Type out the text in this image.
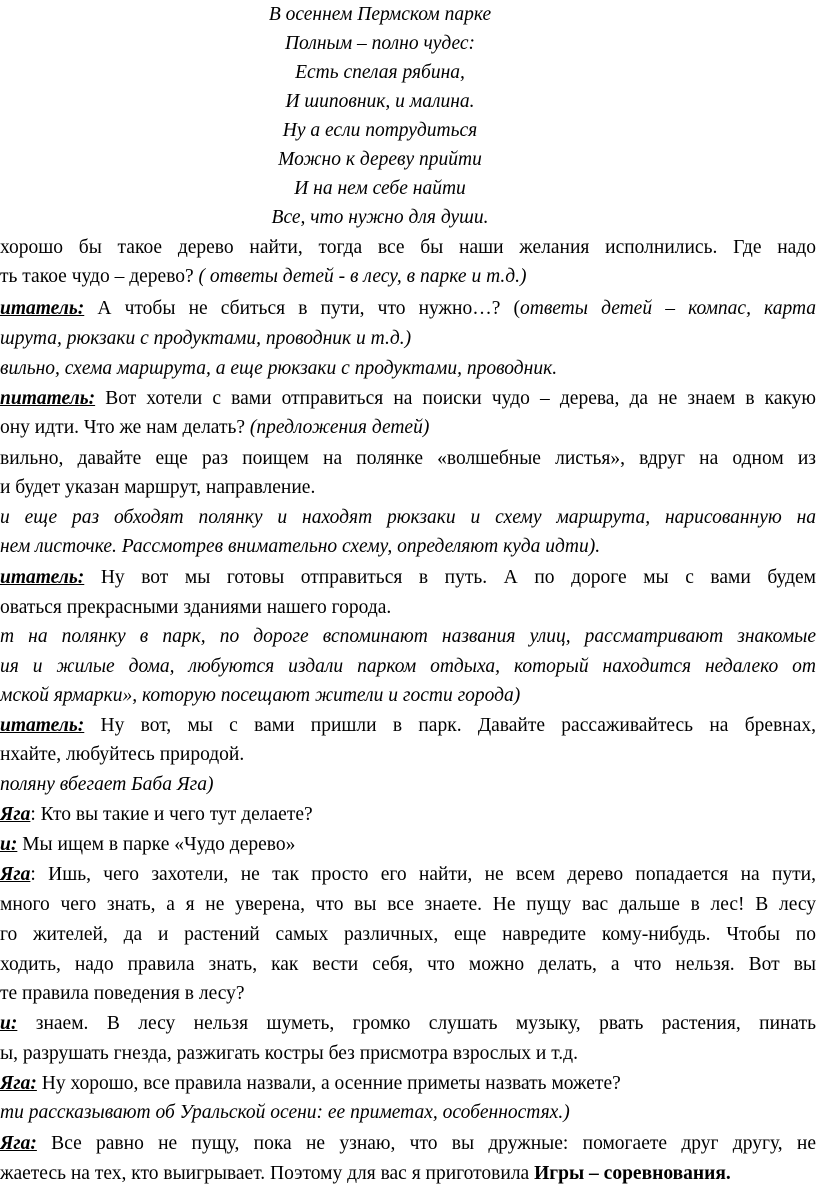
В осеннем Пермском парке
Полным – полно чудес:
Есть спелая рябина,
И шиповник, и малина.
Ну а если потрудиться
Можно к дереву прийти
И на нем себе найти
Все, что нужно для души.
хорошо бы такое дерево найти, тогда все бы наши желания исполнились. Где надо
ть такое чудо – дерево? ( ответы детей - в лесу, в парке и т.д.)
итатель: А чтобы не сбиться в пути, что нужно…? (ответы детей – компас, карта
шрута, рюкзаки с продуктами, проводник и т.д.)
вильно, схема маршрута, а еще рюкзаки с продуктами, проводник.
питатель: Вот хотели с вами отправиться на поиски чудо – дерева, да не знаем в какую
ону идти. Что же нам делать? (предложения детей)
вильно, давайте еще раз поищем на полянке «волшебные листья», вдруг на одном из
и будет указан маршрут, направление.
и еще раз обходят полянку и находят рюкзаки и схему маршрута, нарисованную на
нем листочке. Рассмотрев внимательно схему, определяют куда идти).
итатель: Ну вот мы готовы отправиться в путь. А по дороге мы с вами будем
оваться прекрасными зданиями нашего города.
т на полянку в парк, по дороге вспоминают названия улиц, рассматривают знакомые
ия и жилые дома, любуются издали парком отдыха, который находится недалеко от
мской ярмарки», которую посещают жители и гости города)
итатель: Ну вот, мы с вами пришли в парк. Давайте рассаживайтесь на бревнах,
нхайте, любуйтесь природой.
поляну вбегает Баба Яга)
Яга: Кто вы такие и чего тут делаете?
и: Мы ищем в парке «Чудо дерево»
Яга: Ишь, чего захотели, не так просто его найти, не всем дерево попадается на пути,
много чего знать, а я не уверена, что вы все знаете. Не пущу вас дальше в лес! В лесу
го жителей, да и растений самых различных, еще навредите кому-нибудь. Чтобы по
ходить, надо правила знать, как вести себя, что можно делать, а что нельзя. Вот вы
те правила поведения в лесу?
и: знаем. В лесу нельзя шуметь, громко слушать музыку, рвать растения, пинать
ы, разрушать гнезда, разжигать костры без присмотра взрослых и т.д.
Яга: Ну хорошо, все правила назвали, а осенние приметы назвать можете?
ти рассказывают об Уральской осени: ее приметах, особенностях.)
Яга: Все равно не пущу, пока не узнаю, что вы дружные: помогаете друг другу, не
жаетесь на тех, кто выигрывает. Поэтому для вас я приготовила Игры – соревнования.
